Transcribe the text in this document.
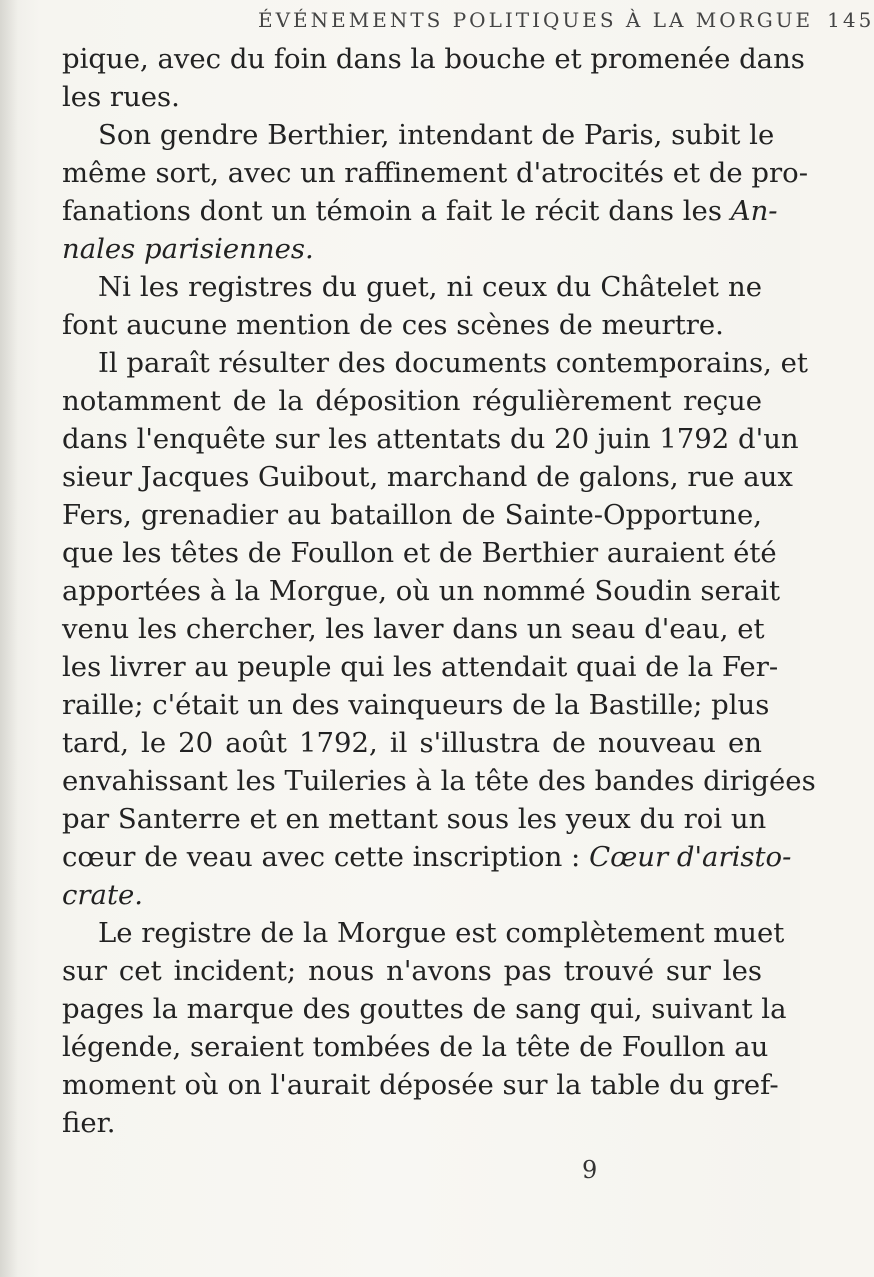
ÉVÉNEMENTS POLITIQUES À LA MORGUE 145
pique, avec du foin dans la bouche et promenée dans
les rues.
Son gendre Berthier, intendant de Paris, subit le
même sort, avec un raffinement d'atrocités et de pro-
fanations dont un témoin a fait le récit dans les An-
nales parisiennes.
Ni les registres du guet, ni ceux du Châtelet ne
font aucune mention de ces scènes de meurtre.
Il paraît résulter des documents contemporains, et
notamment de la déposition régulièrement reçue
dans l'enquête sur les attentats du 20 juin 1792 d'un
sieur Jacques Guibout, marchand de galons, rue aux
Fers, grenadier au bataillon de Sainte-Opportune,
que les têtes de Foullon et de Berthier auraient été
apportées à la Morgue, où un nommé Soudin serait
venu les chercher, les laver dans un seau d'eau, et
les livrer au peuple qui les attendait quai de la Fer-
raille; c'était un des vainqueurs de la Bastille; plus
tard, le 20 août 1792, il s'illustra de nouveau en
envahissant les Tuileries à la tête des bandes dirigées
par Santerre et en mettant sous les yeux du roi un
cœur de veau avec cette inscription : Cœur d'aristo-
crate.
Le registre de la Morgue est complètement muet
sur cet incident; nous n'avons pas trouvé sur les
pages la marque des gouttes de sang qui, suivant la
légende, seraient tombées de la tête de Foullon au
moment où on l'aurait déposée sur la table du gref-
fier.
9
